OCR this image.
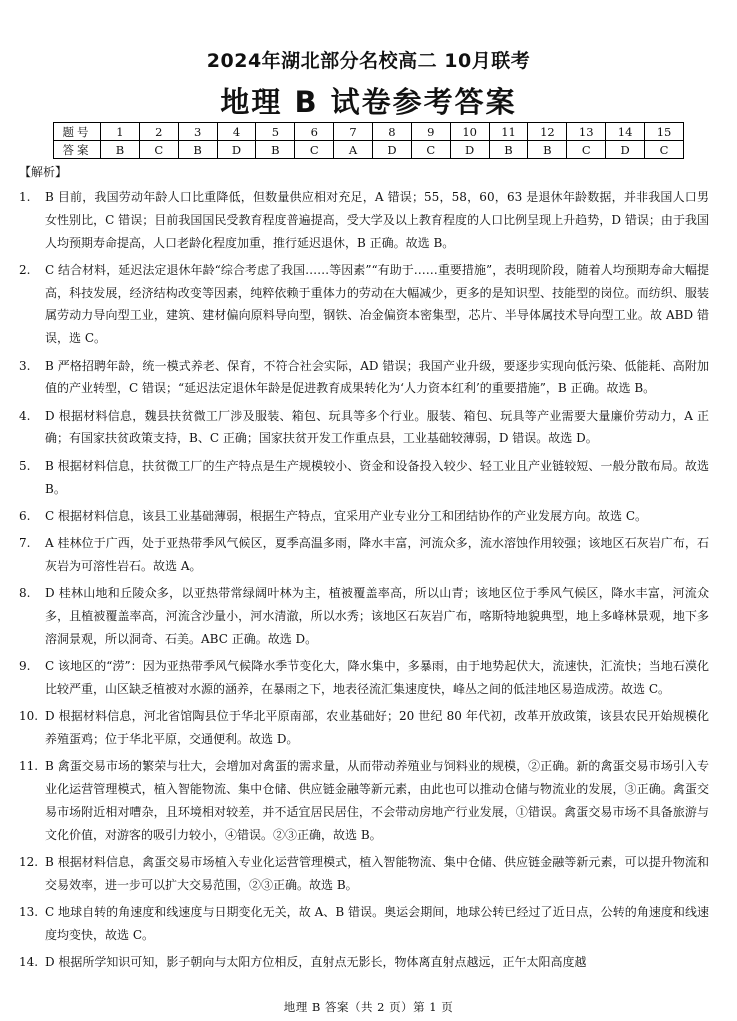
2024年湖北部分名校高二 10月联考
地理 B 试卷参考答案
题号	1	2	3	4	5	6	7	8	9	10	11	12	13	14	15
答案	B	C	B	D	B	C	A	D	C	D	B	B	C	D	C
【解析】
1.	B 目前，我国劳动年龄人口比重降低，但数量供应相对充足，A 错误；55，58，60，63 是退休年龄数据，并非我国人口男女性别比，C 错误；目前我国国民受教育程度普遍提高，受大学及以上教育程度的人口比例呈现上升趋势，D 错误；由于我国人均预期寿命提高，人口老龄化程度加重，推行延迟退休，B 正确。故选 B。
2.	C 结合材料，延迟法定退休年龄“综合考虑了我国……等因素”“有助于……重要措施”，表明现阶段，随着人均预期寿命大幅提高，科技发展，经济结构改变等因素，纯粹依赖于重体力的劳动在大幅减少，更多的是知识型、技能型的岗位。而纺织、服装属劳动力导向型工业，建筑、建材偏向原料导向型，钢铁、冶金偏资本密集型，芯片、半导体属技术导向型工业。故 ABD 错误，选 C。
3.	B 严格招聘年龄，统一模式养老、保育，不符合社会实际，AD 错误；我国产业升级，要逐步实现向低污染、低能耗、高附加值的产业转型，C 错误；“延迟法定退休年龄是促进教育成果转化为‘人力资本红利’的重要措施”，B 正确。故选 B。
4.	D 根据材料信息，魏县扶贫微工厂涉及服装、箱包、玩具等多个行业。服装、箱包、玩具等产业需要大量廉价劳动力，A 正确；有国家扶贫政策支持，B、C 正确；国家扶贫开发工作重点县，工业基础较薄弱，D 错误。故选 D。
5.	B 根据材料信息，扶贫微工厂的生产特点是生产规模较小、资金和设备投入较少、轻工业且产业链较短、一般分散布局。故选 B。
6.	C 根据材料信息，该县工业基础薄弱，根据生产特点，宜采用产业专业分工和团结协作的产业发展方向。故选 C。
7.	A 桂林位于广西，处于亚热带季风气候区，夏季高温多雨，降水丰富，河流众多，流水溶蚀作用较强；该地区石灰岩广布，石灰岩为可溶性岩石。故选 A。
8.	D 桂林山地和丘陵众多，以亚热带常绿阔叶林为主，植被覆盖率高，所以山青；该地区位于季风气候区，降水丰富，河流众多，且植被覆盖率高，河流含沙量小，河水清澈，所以水秀；该地区石灰岩广布，喀斯特地貌典型，地上多峰林景观，地下多溶洞景观，所以洞奇、石美。ABC 正确。故选 D。
9.	C 该地区的“涝”：因为亚热带季风气候降水季节变化大，降水集中，多暴雨，由于地势起伏大，流速快，汇流快；当地石漠化比较严重，山区缺乏植被对水源的涵养，在暴雨之下，地表径流汇集速度快，峰丛之间的低洼地区易造成涝。故选 C。
10. D 根据材料信息，河北省馆陶县位于华北平原南部，农业基础好；20 世纪 80 年代初，改革开放政策，该县农民开始规模化养殖蛋鸡；位于华北平原，交通便利。故选 D。
11. B 禽蛋交易市场的繁荣与壮大，会增加对禽蛋的需求量，从而带动养殖业与饲料业的规模，②正确。新的禽蛋交易市场引入专业化运营管理模式，植入智能物流、集中仓储、供应链金融等新元素，由此也可以推动仓储与物流业的发展，③正确。禽蛋交易市场附近相对嘈杂，且环境相对较差，并不适宜居民居住，不会带动房地产行业发展，①错误。禽蛋交易市场不具备旅游与文化价值，对游客的吸引力较小，④错误。②③正确，故选 B。
12. B 根据材料信息，禽蛋交易市场植入专业化运营管理模式，植入智能物流、集中仓储、供应链金融等新元素，可以提升物流和交易效率，进一步可以扩大交易范围，②③正确。故选 B。
13. C 地球自转的角速度和线速度与日期变化无关，故 A、B 错误。奥运会期间，地球公转已经过了近日点，公转的角速度和线速度均变快，故选 C。
14. D 根据所学知识可知，影子朝向与太阳方位相反，直射点无影长，物体离直射点越远，正午太阳高度越
地理 B 答案（共 2 页）第 1 页
